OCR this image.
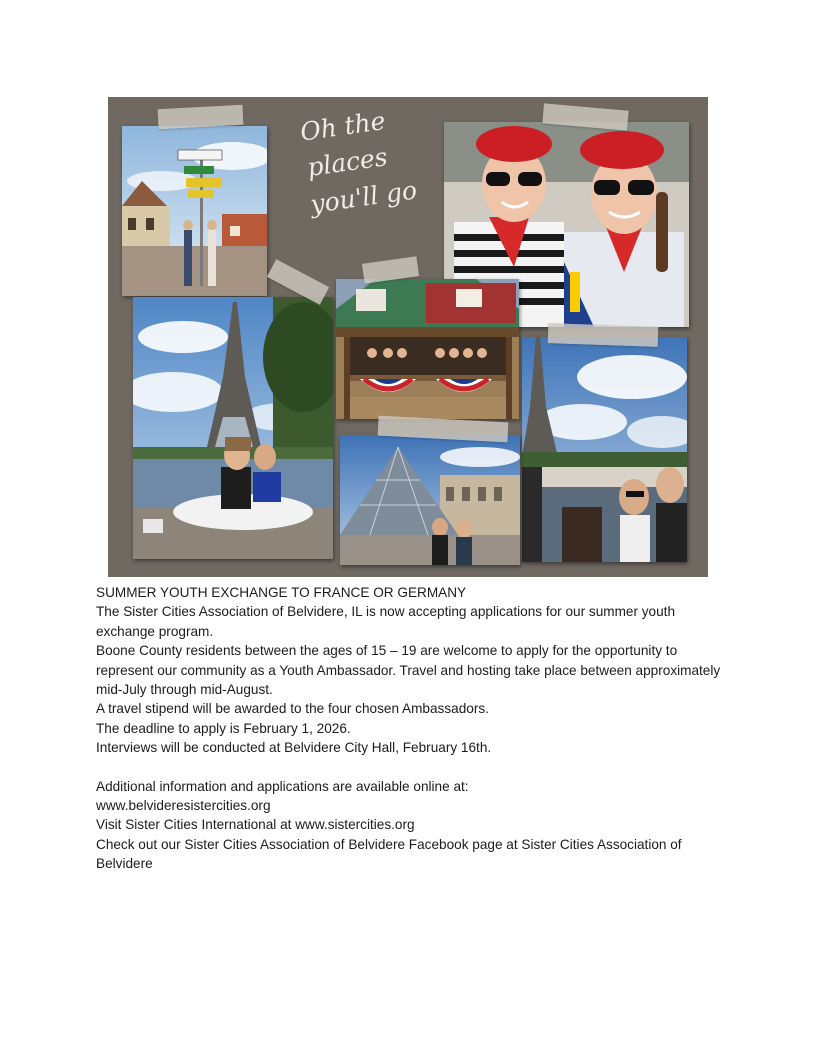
Oh the
places
you'll go

SUMMER YOUTH EXCHANGE TO FRANCE OR GERMANY

The Sister Cities Association of Belvidere, IL is now accepting applications for our summer youth exchange program.

Boone County residents between the ages of 15 – 19 are welcome to apply for the opportunity to represent our community as a Youth Ambassador. Travel and hosting take place between approximately mid-July through mid-August.

A travel stipend will be awarded to the four chosen Ambassadors.

The deadline to apply is February 1, 2026.

Interviews will be conducted at Belvidere City Hall, February 16th.

Additional information and applications are available online at:

www.belvideresistercities.org

Visit Sister Cities International at www.sistercities.org

Check out our Sister Cities Association of Belvidere Facebook page at Sister Cities Association of Belvidere
